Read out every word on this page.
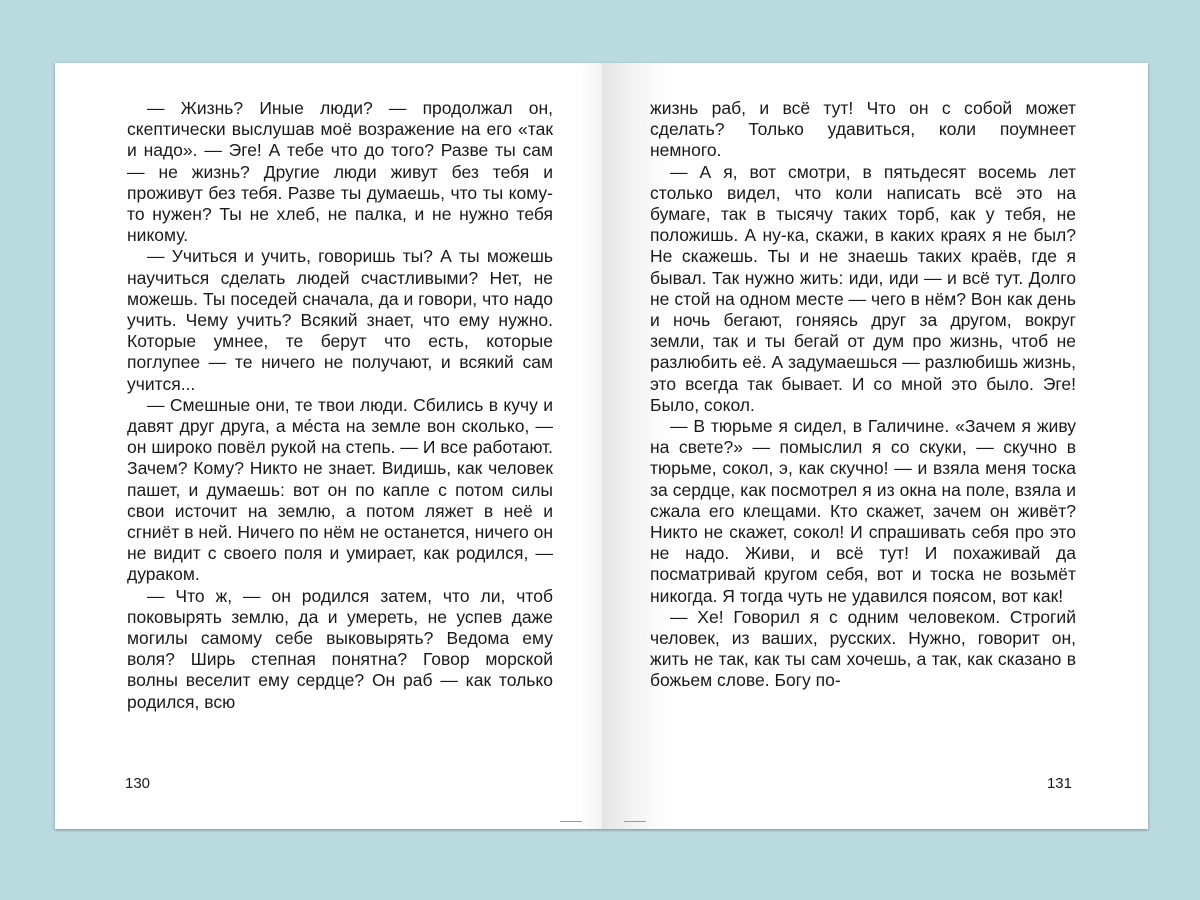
— Жизнь? Иные люди? — продолжал он, скептически выслушав моё возражение на его «так и надо». — Эге! А тебе что до того? Разве ты сам — не жизнь? Другие люди живут без тебя и проживут без тебя. Разве ты думаешь, что ты кому-то нужен? Ты не хлеб, не палка, и не нужно тебя никому.

— Учиться и учить, говоришь ты? А ты можешь научиться сделать людей счастливыми? Нет, не можешь. Ты поседей сначала, да и говори, что надо учить. Чему учить? Всякий знает, что ему нужно. Которые умнее, те берут что есть, которые поглупее — те ничего не получают, и всякий сам учится...

— Смешные они, те твои люди. Сбились в кучу и давят друг друга, а ме́ста на земле вон сколько, — он широко повёл рукой на степь. — И все работают. Зачем? Кому? Никто не знает. Видишь, как человек пашет, и думаешь: вот он по капле с потом силы свои источит на землю, а потом ляжет в неё и сгниёт в ней. Ничего по нём не останется, ничего он не видит с своего поля и умирает, как родился, — дураком.

— Что ж, — он родился затем, что ли, чтоб поковырять землю, да и умереть, не успев даже могилы самому себе выковырять? Ведома ему воля? Ширь степная понятна? Говор морской волны веселит ему сердце? Он раб — как только родился, всю

130

жизнь раб, и всё тут! Что он с собой может сделать? Только удавиться, коли поумнеет немного.

— А я, вот смотри, в пятьдесят восемь лет столько видел, что коли написать всё это на бумаге, так в тысячу таких торб, как у тебя, не положишь. А ну-ка, скажи, в каких краях я не был? Не скажешь. Ты и не знаешь таких краёв, где я бывал. Так нужно жить: иди, иди — и всё тут. Долго не стой на одном месте — чего в нём? Вон как день и ночь бегают, гоняясь друг за другом, вокруг земли, так и ты бегай от дум про жизнь, чтоб не разлюбить её. А задумаешься — разлюбишь жизнь, это всегда так бывает. И со мной это было. Эге! Было, сокол.

— В тюрьме я сидел, в Галичине. «Зачем я живу на свете?» — помыслил я со скуки, — скучно в тюрьме, сокол, э, как скучно! — и взяла меня тоска за сердце, как посмотрел я из окна на поле, взяла и сжала его клещами. Кто скажет, зачем он живёт? Никто не скажет, сокол! И спрашивать себя про это не надо. Живи, и всё тут! И похаживай да посматривай кругом себя, вот и тоска не возьмёт никогда. Я тогда чуть не удавился поясом, вот как!

— Хе! Говорил я с одним человеком. Строгий человек, из ваших, русских. Нужно, говорит он, жить не так, как ты сам хочешь, а так, как сказано в божьем слове. Богу по-

131
